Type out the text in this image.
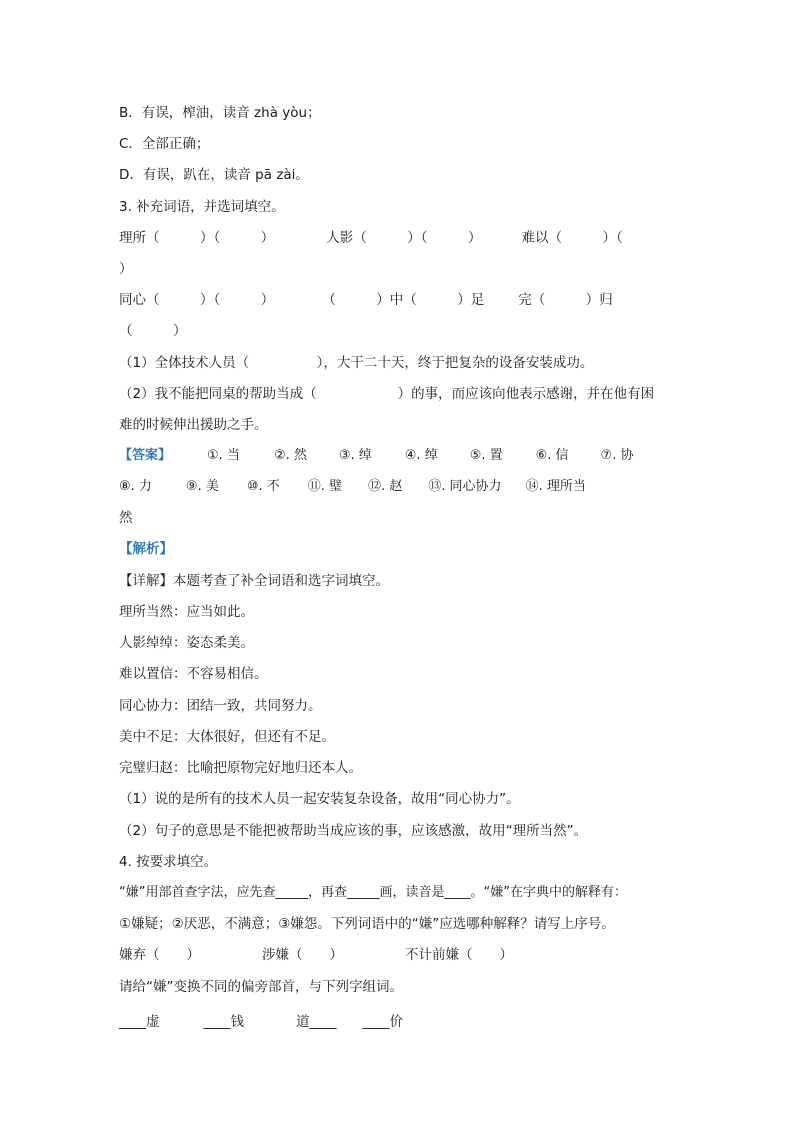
B．有误，榨油，读音 zhà yòu；
C．全部正确；
D．有误，趴在，读音 pā zài。
3. 补充词语，并选词填空。
理所（　　　）（　　　）	人影（　　　）（　　　）	难以（　　　）（
）
同心（　　　）（　　　）	（　　　）中（　　　）足	完（　　　）归
（　　　）
（1）全体技术人员（　　　　　），大干二十天，终于把复杂的设备安装成功。
（2）我不能把同桌的帮助当成（　　　　　　）的事，而应该向他表示感谢，并在他有困
难的时候伸出援助之手。
【答案】	①. 当	②. 然 ③. 绰	④. 绰 ⑤. 置	⑥. 信 ⑦. 协
⑧. 力	⑨. 美 ⑩. 不 ⑪. 璧 ⑫. 赵 ⑬. 同心协力 ⑭. 理所当
然
【解析】
【详解】本题考查了补全词语和选字词填空。
理所当然：应当如此。
人影绰绰：姿态柔美。
难以置信：不容易相信。
同心协力：团结一致，共同努力。
美中不足：大体很好，但还有不足。
完璧归赵：比喻把原物完好地归还本人。
（1）说的是所有的技术人员一起安装复杂设备，故用“同心协力”。
（2）句子的意思是不能把被帮助当成应该的事，应该感激，故用“理所当然”。
4. 按要求填空。
“嫌”用部首查字法，应先查_____，再查_____画，读音是____。“嫌”在字典中的解释有：
①嫌疑；②厌恶，不满意；③嫌怨。下列词语中的“嫌”应选哪种解释？请写上序号。
嫌弃（　　）	涉嫌（　　）	不计前嫌（　　）
请给“嫌”变换不同的偏旁部首，与下列字组词。
____虚	____钱	道____ ____价
